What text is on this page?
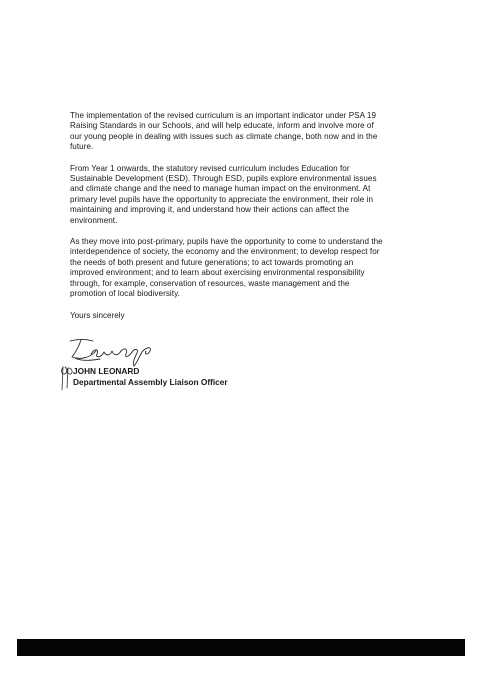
The implementation of the revised curriculum is an important indicator under PSA 19
Raising Standards in our Schools, and will help educate, inform and involve more of
our young people in dealing with issues such as climate change, both now and in the
future.

From Year 1 onwards, the statutory revised curriculum includes Education for
Sustainable Development (ESD). Through ESD, pupils explore environmental issues
and climate change and the need to manage human impact on the environment. At
primary level pupils have the opportunity to appreciate the environment, their role in
maintaining and improving it, and understand how their actions can affect the
environment.

As they move into post-primary, pupils have the opportunity to come to understand the
interdependence of society, the economy and the environment; to develop respect for
the needs of both present and future generations; to act towards promoting an
improved environment; and to learn about exercising environmental responsibility
through, for example, conservation of resources, waste management and the
promotion of local biodiversity.

Yours sincerely

JOHN LEONARD
Departmental Assembly Liaison Officer
